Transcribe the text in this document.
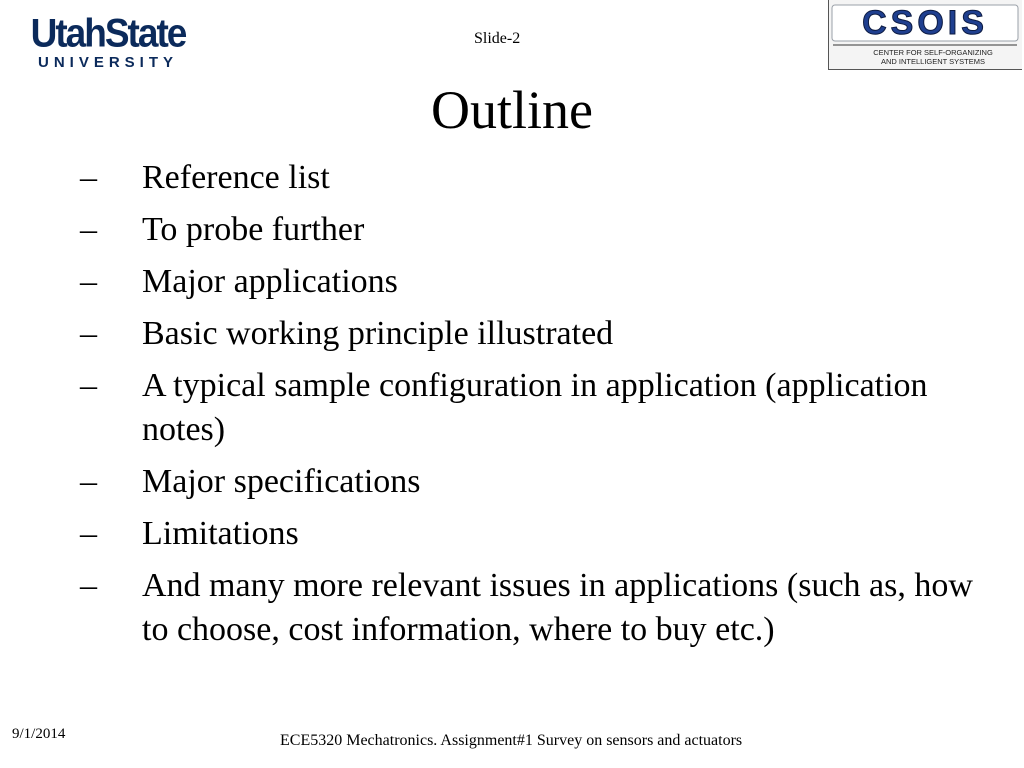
UtahState
UNIVERSITY
Slide-2	CSOIS
CENTER FOR SELF-ORGANIZING
AND INTELLIGENT SYSTEMS
Outline
– Reference list
– To probe further
– Major applications
– Basic working principle illustrated
– A typical sample configuration in application (application notes)
– Major specifications
– Limitations
– And many more relevant issues in applications (such as, how to choose, cost information, where to buy etc.)
9/1/2014	ECE5320 Mechatronics. Assignment#1 Survey on sensors and actuators
